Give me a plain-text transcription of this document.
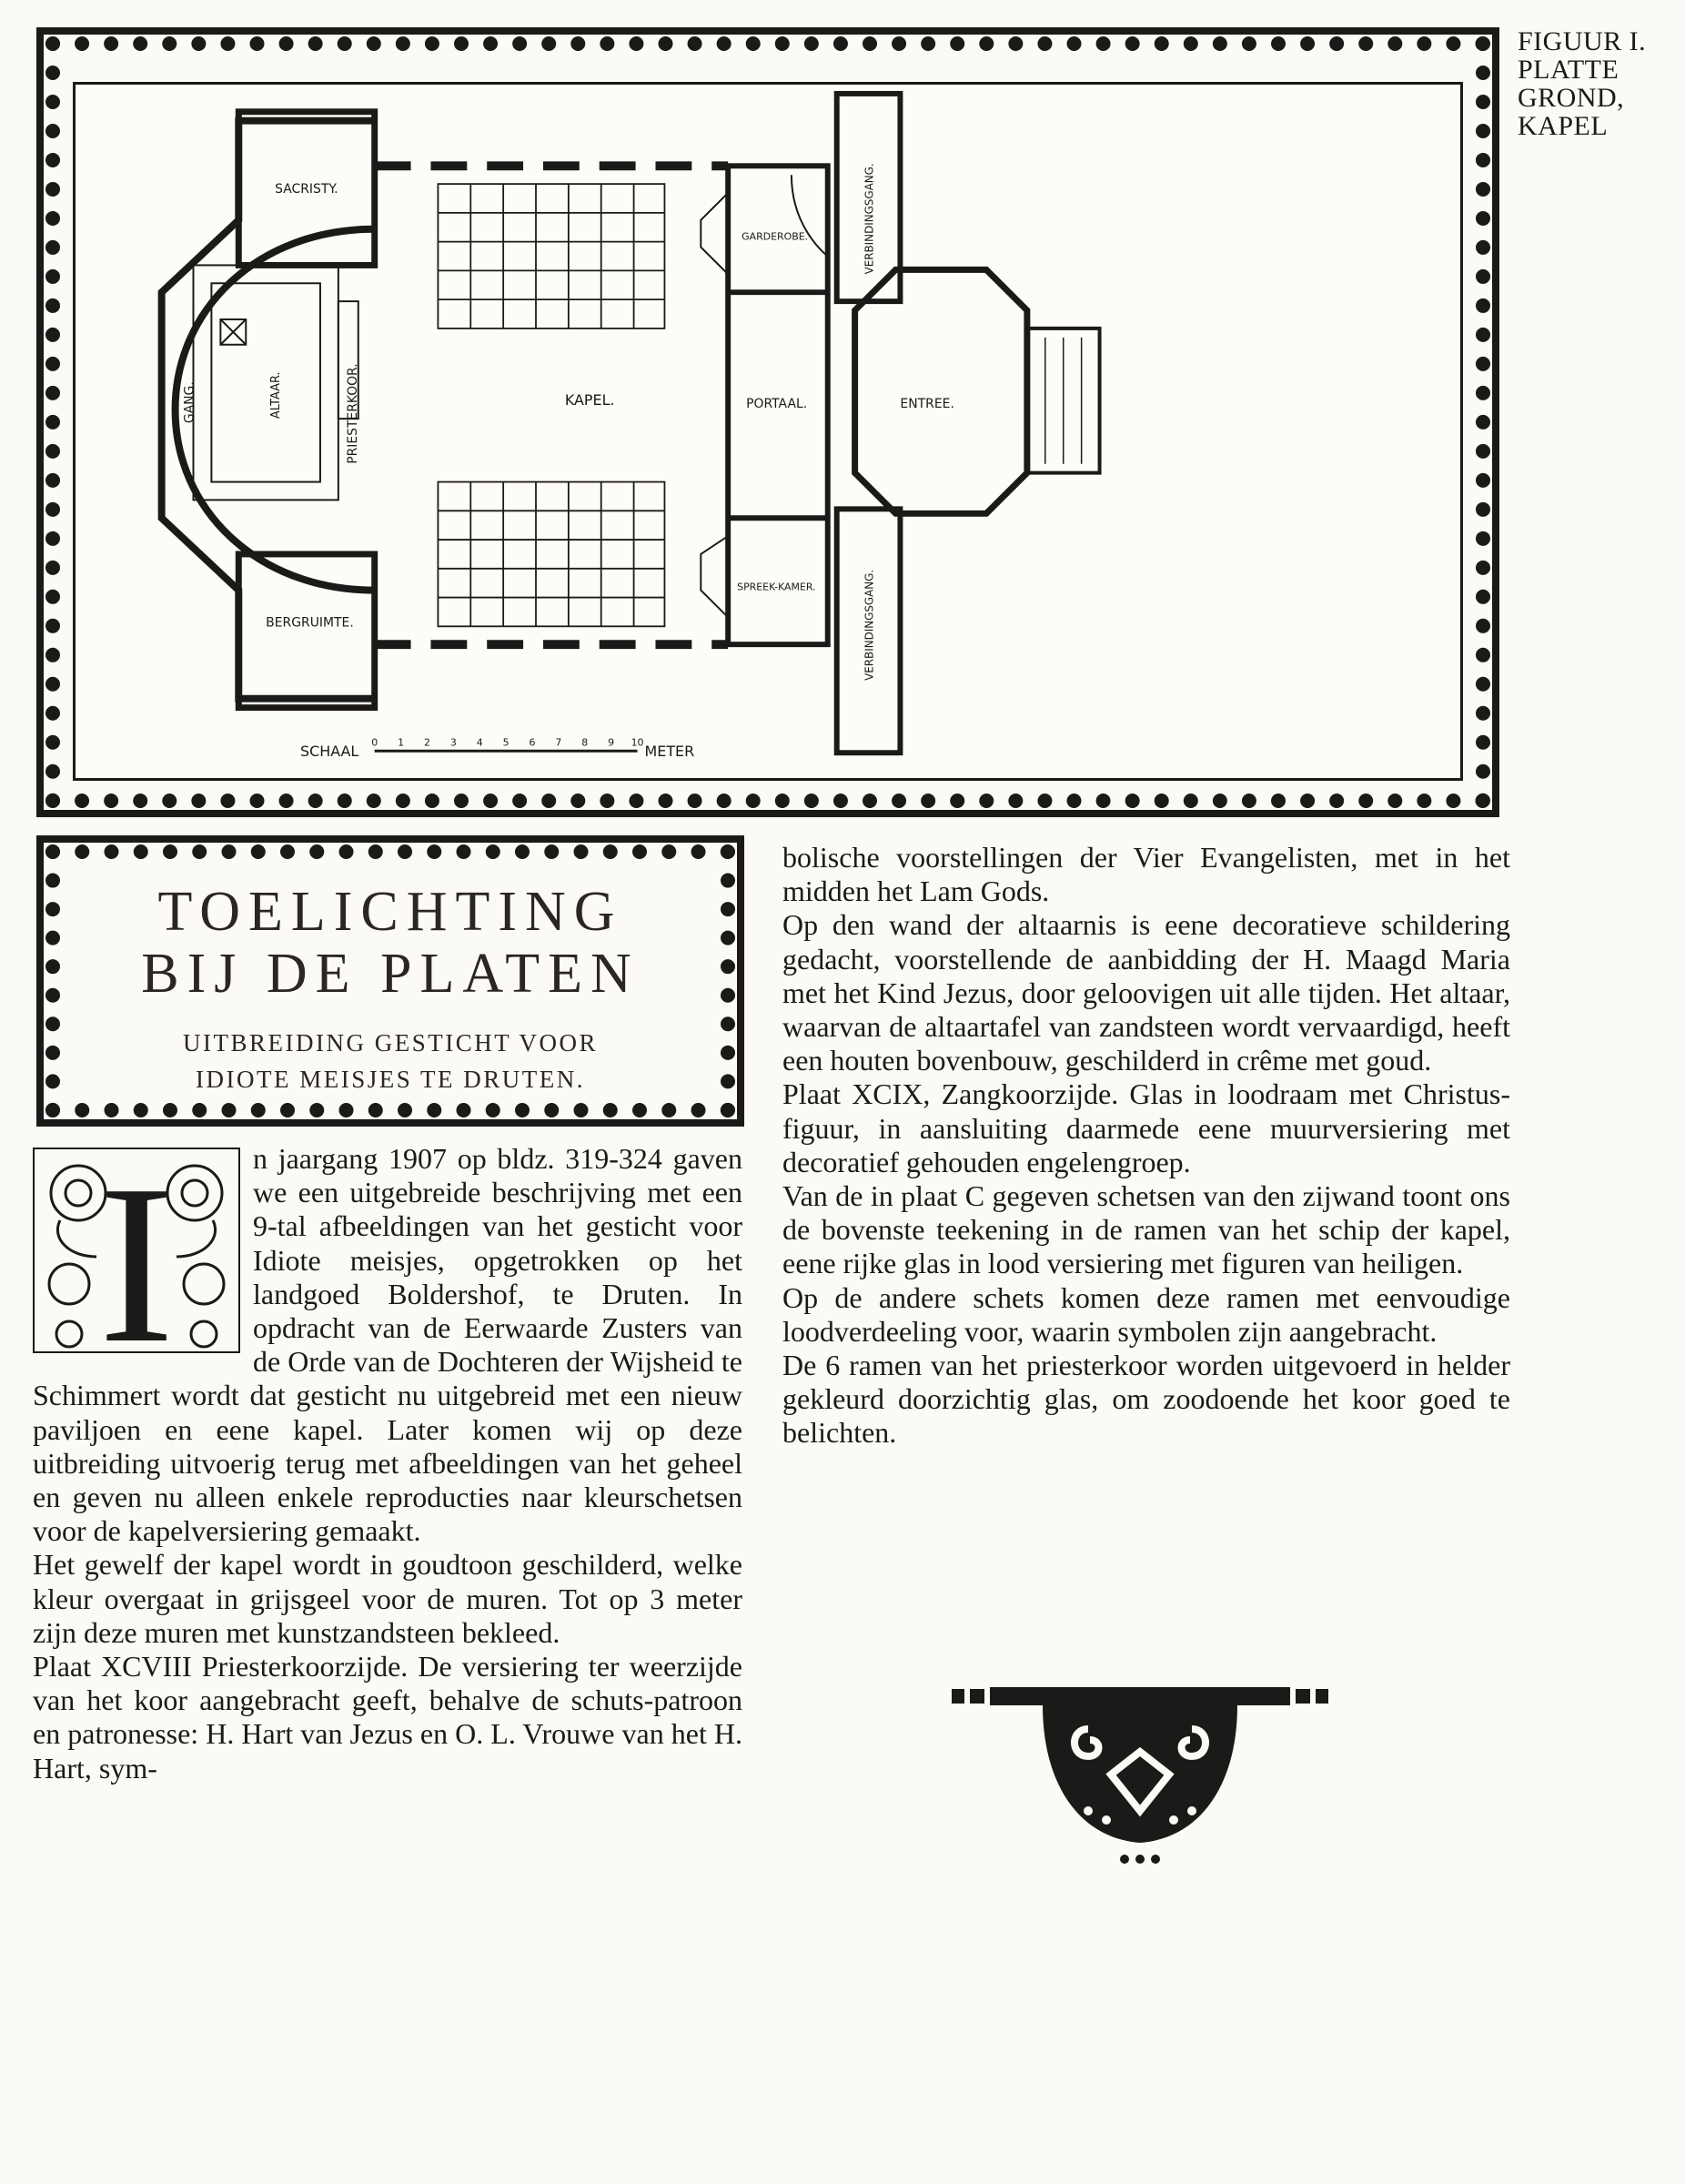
SACRISTY.
BERGRUIMTE.
KAPEL.
GARDEROBE.
PORTAAL.	ENTREE.
SPREEK-KAMER.
GANG.	ALTAAR.	PRIESTERKOOR.
VERBINDINGSGANG.
VERBINDINGSGANG.
SCHAAL	METER
0 1 2 3 4 5 6 7 8 9 10
FIGUUR I.
PLATTE
GROND,
KAPEL
TOELICHTING
BIJ DE PLATEN
UITBREIDING GESTICHT VOOR
IDIOTE MEISJES TE DRUTEN.
I	n jaargang 1907 op bldz. 319-324 gaven we een uitgebreide beschrijving met een 9-tal afbeeldingen van het gesticht voor Idiote meisjes, opgetrokken op het landgoed Boldershof, te Druten. In opdracht van de Eerwaarde Zusters van de Orde van de Dochteren der Wijsheid te Schimmert wordt dat gesticht nu uitgebreid met een nieuw paviljoen en eene kapel. Later komen wij op deze uitbreiding uitvoerig terug met afbeeldingen van het geheel en geven nu alleen enkele reproducties naar kleurschetsen voor de kapelversiering gemaakt.

Het gewelf der kapel wordt in goudtoon geschilderd, welke kleur overgaat in grijsgeel voor de muren. Tot op 3 meter zijn deze muren met kunstzandsteen bekleed.

Plaat XCVIII Priesterkoorzijde. De versiering ter weerzijde van het koor aangebracht geeft, behalve de schuts-patroon en patronesse: H. Hart van Jezus en O. L. Vrouwe van het H. Hart, sym-

bolische voorstellingen der Vier Evangelisten, met in het midden het Lam Gods.

Op den wand der altaarnis is eene decoratieve schildering gedacht, voorstellende de aanbidding der H. Maagd Maria met het Kind Jezus, door geloovigen uit alle tijden. Het altaar, waarvan de altaartafel van zandsteen wordt vervaardigd, heeft een houten bovenbouw, geschilderd in crême met goud.

Plaat XCIX, Zangkoorzijde. Glas in loodraam met Christus-figuur, in aansluiting daarmede eene muurversiering met decoratief gehouden engelengroep.

Van de in plaat C gegeven schetsen van den zijwand toont ons de bovenste teekening in de ramen van het schip der kapel, eene rijke glas in lood versiering met figuren van heiligen.

Op de andere schets komen deze ramen met eenvoudige loodverdeeling voor, waarin symbolen zijn aangebracht.

De 6 ramen van het priesterkoor worden uitgevoerd in helder gekleurd doorzichtig glas, om zoodoende het koor goed te belichten.
